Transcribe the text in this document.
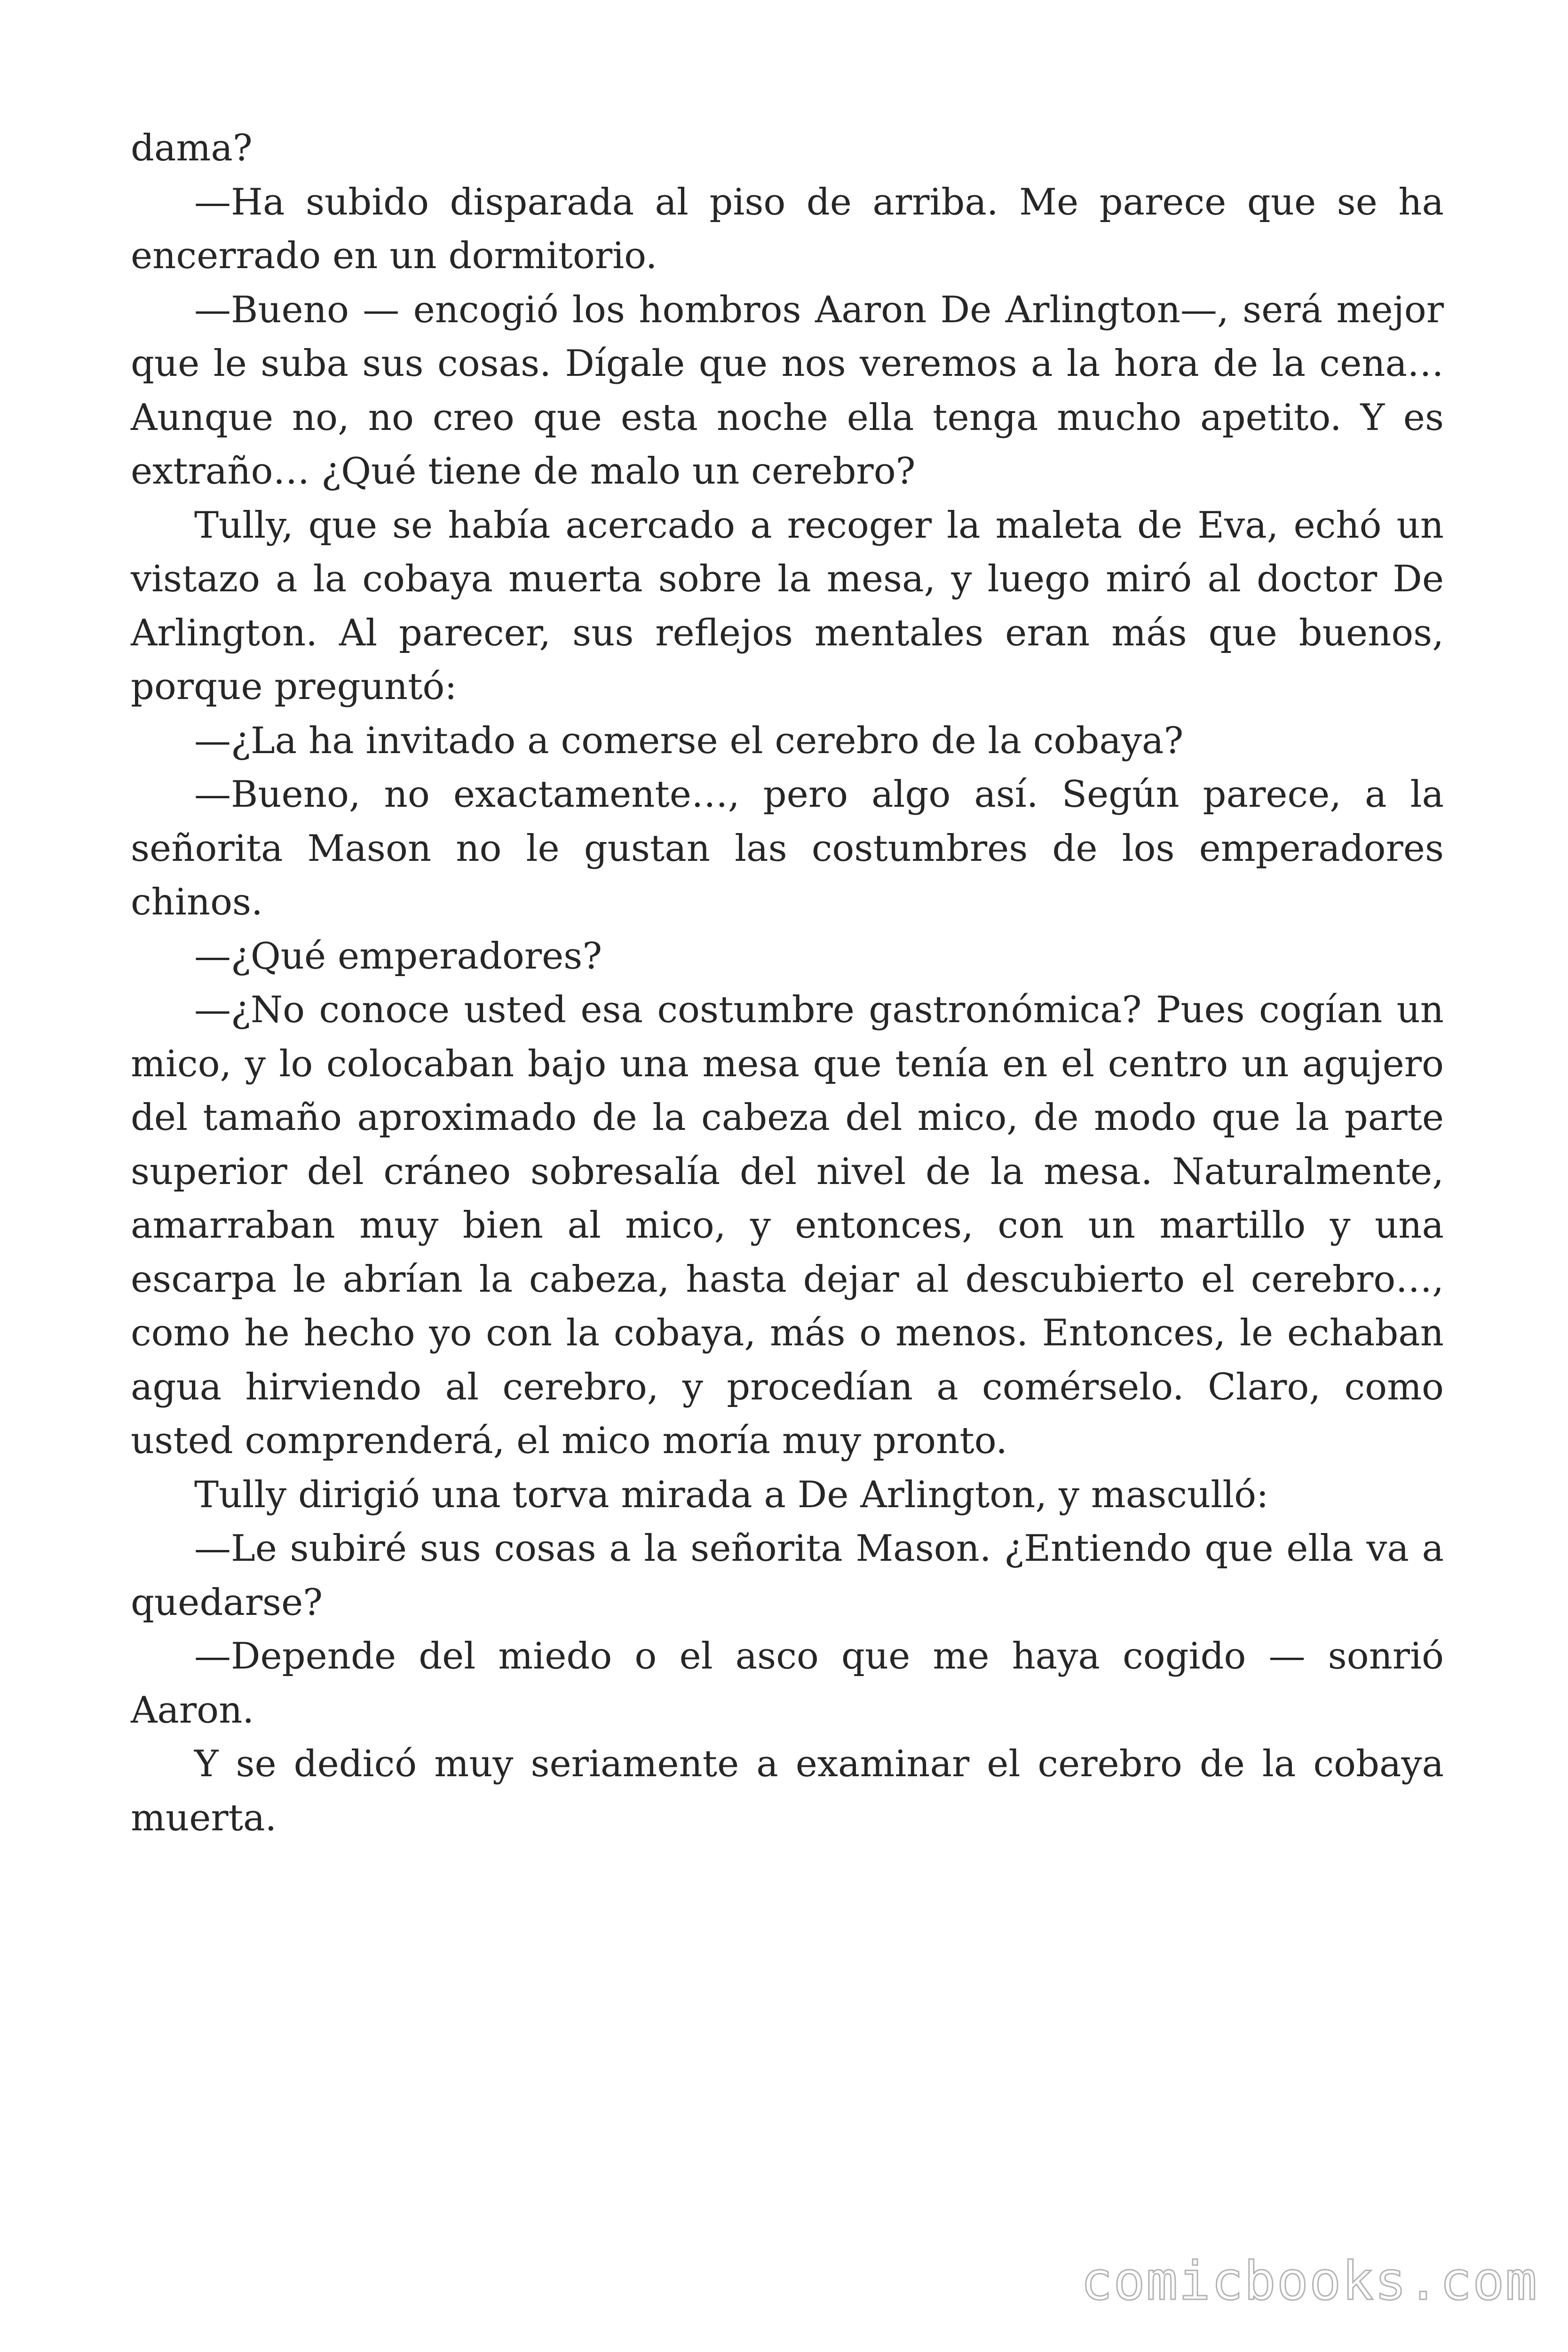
dama?

—Ha subido disparada al piso de arriba. Me parece que se ha encerrado en un dormitorio.

—Bueno — encogió los hombros Aaron De Arlington—, será mejor que le suba sus cosas. Dígale que nos veremos a la hora de la cena… Aunque no, no creo que esta noche ella tenga mucho apetito. Y es extraño… ¿Qué tiene de malo un cerebro?

Tully, que se había acercado a recoger la maleta de Eva, echó un vistazo a la cobaya muerta sobre la mesa, y luego miró al doctor De Arlington. Al parecer, sus reflejos mentales eran más que buenos, porque preguntó:

—¿La ha invitado a comerse el cerebro de la cobaya?

—Bueno, no exactamente…, pero algo así. Según parece, a la señorita Mason no le gustan las costumbres de los emperadores chinos.

—¿Qué emperadores?

—¿No conoce usted esa costumbre gastronómica? Pues cogían un mico, y lo colocaban bajo una mesa que tenía en el centro un agujero del tamaño aproximado de la cabeza del mico, de modo que la parte superior del cráneo sobresalía del nivel de la mesa. Naturalmente, amarraban muy bien al mico, y entonces, con un martillo y una escarpa le abrían la cabeza, hasta dejar al descubierto el cerebro…, como he hecho yo con la cobaya, más o menos. Entonces, le echaban agua hirviendo al cerebro, y procedían a comérselo. Claro, como usted comprenderá, el mico moría muy pronto.

Tully dirigió una torva mirada a De Arlington, y masculló:

—Le subiré sus cosas a la señorita Mason. ¿Entiendo que ella va a quedarse?

—Depende del miedo o el asco que me haya cogido — sonrió Aaron.

Y se dedicó muy seriamente a examinar el cerebro de la cobaya muerta.

comicbooks.com
